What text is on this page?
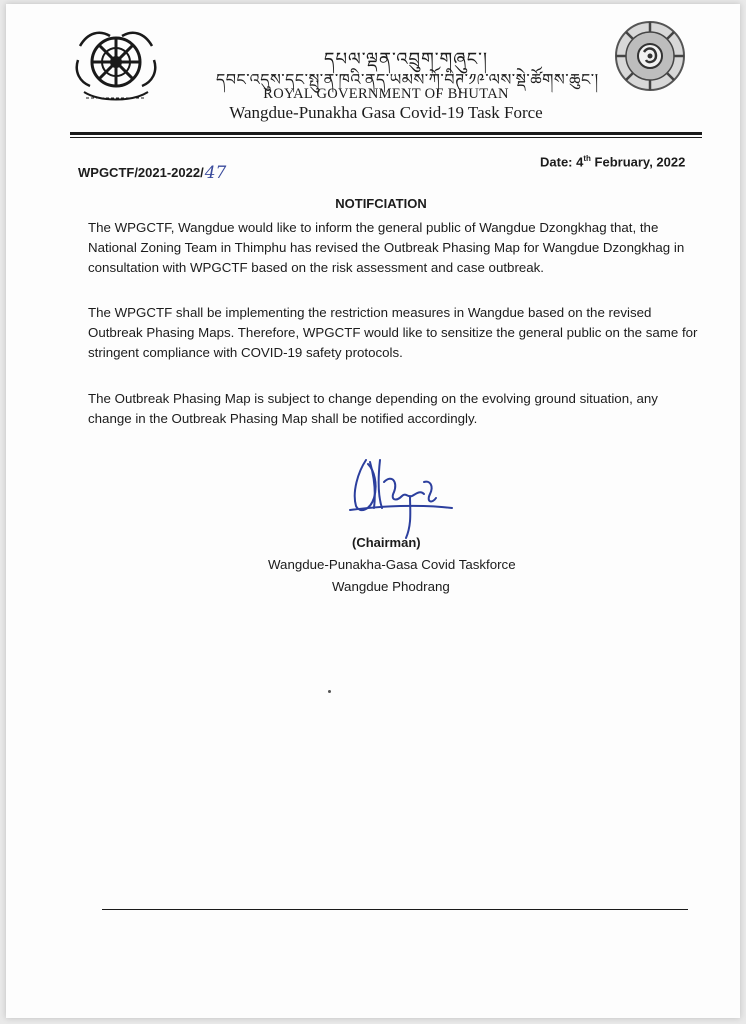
དཔལ་ལྡན་འབྲུག་གཞུང་།
དབང་འདུས་དང་སྤུ་ན་ཁའི་ནད་ཡམས་ཀོ་བིཊ་༡༩་ལས་སྡེ་ཚོགས་ཆུང་།
ROYAL GOVERNMENT OF BHUTAN
Wangdue-Punakha Gasa Covid-19 Task Force
WPGCTF/2021-2022/47
Date: 4th February, 2022
NOTIFCIATION
The WPGCTF, Wangdue would like to inform the general public of Wangdue Dzongkhag that, the National Zoning Team in Thimphu has revised the Outbreak Phasing Map for Wangdue Dzongkhag in consultation with WPGCTF based on the risk assessment and case outbreak.
The WPGCTF shall be implementing the restriction measures in Wangdue based on the revised Outbreak Phasing Maps. Therefore, WPGCTF would like to sensitize the general public on the same for stringent compliance with COVID-19 safety protocols.
The Outbreak Phasing Map is subject to change depending on the evolving ground situation, any change in the Outbreak Phasing Map shall be notified accordingly.
(Chairman)
Wangdue-Punakha-Gasa Covid Taskforce
Wangdue Phodrang
